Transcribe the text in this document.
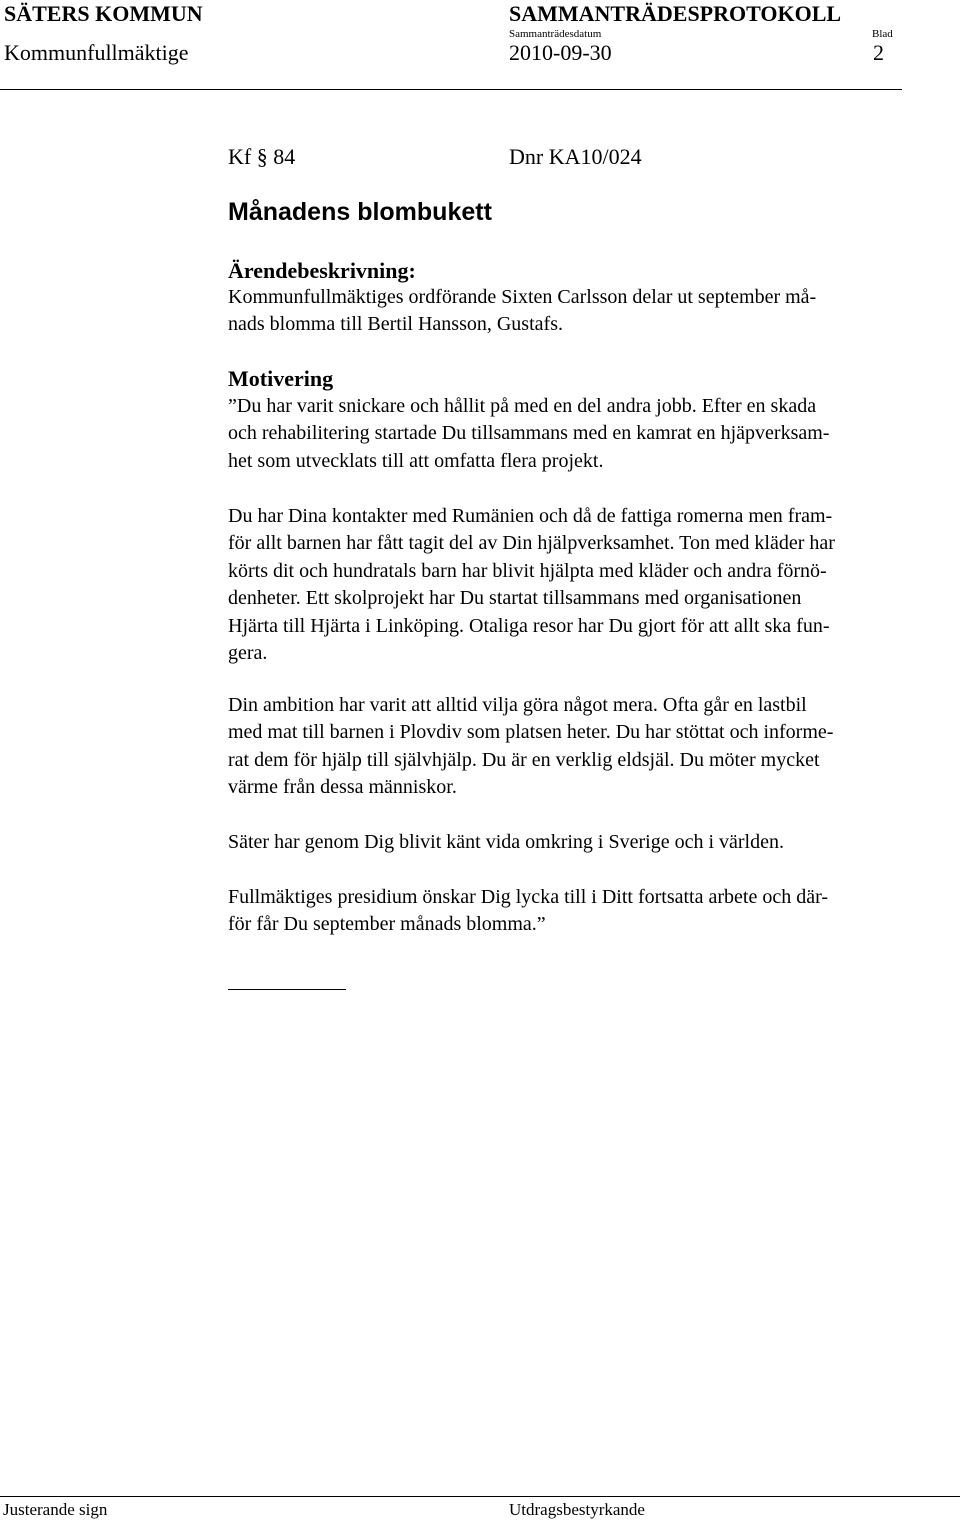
SÄTERS KOMMUN
Kommunfullmäktige
SAMMANTRÄDESPROTOKOLL
Sammanträdesdatum
2010-09-30
Blad
2
Kf § 84	Dnr KA10/024
Månadens blombukett
Ärendebeskrivning:
Kommunfullmäktiges ordförande Sixten Carlsson delar ut september må-
nads blomma till Bertil Hansson, Gustafs.
Motivering
”Du har varit snickare och hållit på med en del andra jobb. Efter en skada
och rehabilitering startade Du tillsammans med en kamrat en hjäpverksam-
het som utvecklats till att omfatta flera projekt.
Du har Dina kontakter med Rumänien och då de fattiga romerna men fram-
för allt barnen har fått tagit del av Din hjälpverksamhet. Ton med kläder har
körts dit och hundratals barn har blivit hjälpta med kläder och andra förnö-
denheter. Ett skolprojekt har Du startat tillsammans med organisationen
Hjärta till Hjärta i Linköping. Otaliga resor har Du gjort för att allt ska fun-
gera.
Din ambition har varit att alltid vilja göra något mera. Ofta går en lastbil
med mat till barnen i Plovdiv som platsen heter. Du har stöttat och informe-
rat dem för hjälp till självhjälp. Du är en verklig eldsjäl. Du möter mycket
värme från dessa människor.
Säter har genom Dig blivit känt vida omkring i Sverige och i världen.
Fullmäktiges presidium önskar Dig lycka till i Ditt fortsatta arbete och där-
för får Du september månads blomma.”
Justerande sign	Utdragsbestyrkande
